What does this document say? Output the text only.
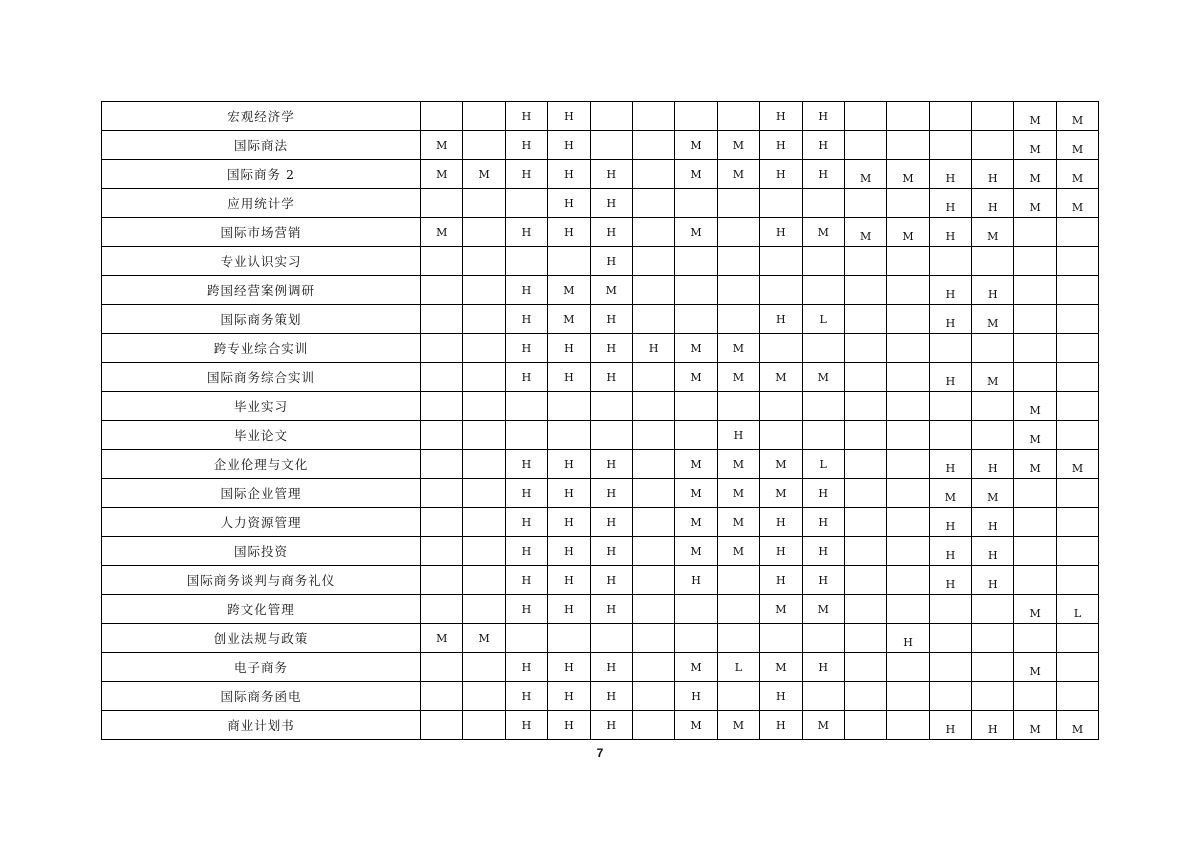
宏观经济学			H	H					H	H					M	M
国际商法	M		H	H			M	M	H	H					M	M
国际商务 2	M	M	H	H	H		M	M	H	H	M	M	H	H	M	M
应用统计学				H	H								H	H	M	M
国际市场营销	M		H	H	H		M		H	M	M	M	H	M		
专业认识实习					H											
跨国经营案例调研			H	M	M								H	H		
国际商务策划			H	M	H				H	L			H	M		
跨专业综合实训			H	H	H	H	M	M								
国际商务综合实训			H	H	H		M	M	M	M			H	M		
毕业实习															M	
毕业论文								H							M	
企业伦理与文化			H	H	H		M	M	M	L			H	H	M	M
国际企业管理			H	H	H		M	M	M	H			M	M		
人力资源管理			H	H	H		M	M	H	H			H	H		
国际投资			H	H	H		M	M	H	H			H	H		
国际商务谈判与商务礼仪			H	H	H		H		H	H			H	H		
跨文化管理			H	H	H				M	M					M	L
创业法规与政策	M	M										H				
电子商务			H	H	H		M	L	M	H					M	
国际商务函电			H	H	H		H		H							
商业计划书			H	H	H		M	M	H	M			H	H	M	M
7
